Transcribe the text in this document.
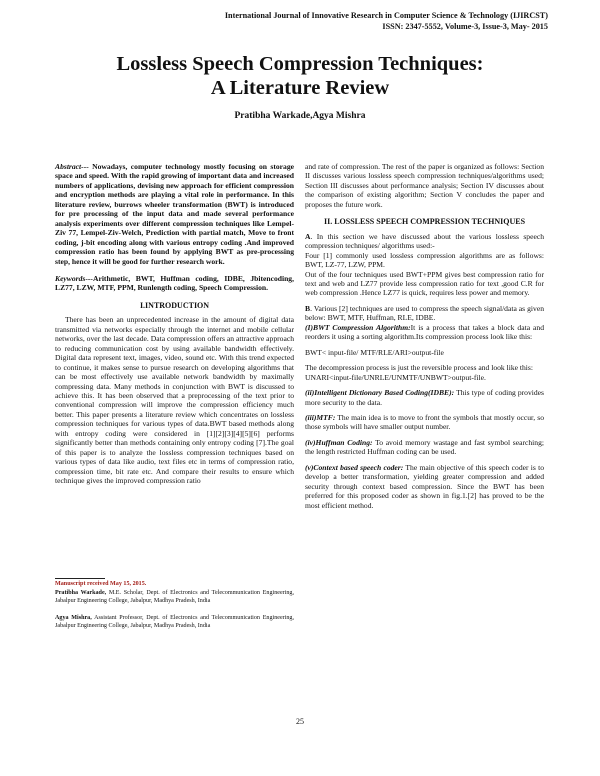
International Journal of Innovative Research in Computer Science & Technology (IJIRCST)
ISSN: 2347-5552, Volume-3, Issue-3, May- 2015
Lossless Speech Compression Techniques:
A Literature Review
Pratibha Warkade,Agya Mishra

Abstract--- Nowadays, computer technology mostly focusing on storage space and speed. With the rapid growing of important data and increased numbers of applications, devising new approach for efficient compression and encryption methods are playing a vital role in performance. In this literature review, burrows wheeler transformation (BWT) is introduced for pre processing of the input data and made several performance analysis experiments over different compression techniques like Lempel-Ziv 77, Lempel-Ziv-Welch, Prediction with partial match, Move to front coding, j-bit encoding along with various entropy coding .And improved compression ratio has been found by applying BWT as pre-processing step, hence it will be good for further research work.

Keywords---Arithmetic, BWT, Huffman coding, IDBE, Jbitencoding, LZ77, LZW, MTF, PPM, Runlength coding, Speech Compression.

I.INTRODUCTION

There has been an unprecedented increase in the amount of digital data transmitted via networks especially through the internet and mobile cellular networks, over the last decade. Data compression offers an attractive approach to reducing communication cost by using available bandwidth effectively. Digital data represent text, images, video, sound etc. With this trend expected to continue, it makes sense to pursue research on developing algorithms that can be most effectively use available network bandwidth by maximally compressing data. Many methods in conjunction with BWT is discussed to achieve this. It has been observed that a preprocessing of the text prior to conventional compression will improve the compression efficiency much better. This paper presents a literature review which concentrates on lossless compression techniques for various types of data.BWT based methods along with entropy coding were considered in [1][2][3][4][5][6] performs significantly better than methods containing only entropy coding [7].The goal of this paper is to analyze the lossless compression techniques based on various types of data like audio, text files etc in terms of compression ratio, compression time, bit rate etc. And compare their results to ensure which technique gives the improved compression ratio

Manuscript received May 15, 2015.
Pratibha Warkade, M.E. Scholar, Dept. of Electronics and Telecommunication Engineering, Jabalpur Engineering College, Jabalpur, Madhya Pradesh, India
Agya Mishra, Assistant Professor, Dept. of Electronics and Telecommunication Engineering, Jabalpur Engineering College, Jabalpur, Madhya Pradesh, India

and rate of compression. The rest of the paper is organized as follows: Section II discusses various lossless speech compression techniques/algorithms used; Section III discusses about performance analysis; Section IV discusses about the comparison of existing algorithm; Section V concludes the paper and proposes the future work.

II. LOSSLESS SPEECH COMPRESSION TECHNIQUES

A. In this section we have discussed about the various lossless speech compression techniques/ algorithms used:-
Four [1] commonly used lossless compression algorithms are as follows: BWT, LZ-77, LZW, PPM.
Out of the four techniques used BWT+PPM gives best compression ratio for text and web and LZ77 provide less compression ratio for text ,good C.R for web compression .Hence LZ77 is quick, requires less power and memory.

B. Various [2] techniques are used to compress the speech signal/data as given below: BWT, MTF, Huffman, RLE, IDBE.
(I)BWT Compression Algorithm:It is a process that takes a block data and reorders it using a sorting algorithm.Its compression process look like this:

BWT< input-file/ MTF/RLE/ARI>output-file

The decompression process is just the reversible process and look like this:
UNARI<input-file/UNRLE/UNMTF/UNBWT>output-file.

(ii)Intelligent Dictionary Based Coding(IDBE): This type of coding provides more security to the data.

(iii)MTF: The main idea is to move to front the symbols that mostly occur, so those symbols will have smaller output number.

(iv)Huffman Coding: To avoid memory wastage and fast symbol searching; the length restricted Huffman coding can be used.

(v)Context based speech coder: The main objective of this speech coder is to develop a better transformation, yielding greater compression and added security through context based compression. Since the BWT has been preferred for this proposed coder as shown in fig.1.[2] has proved to be the most efficient method.

25
